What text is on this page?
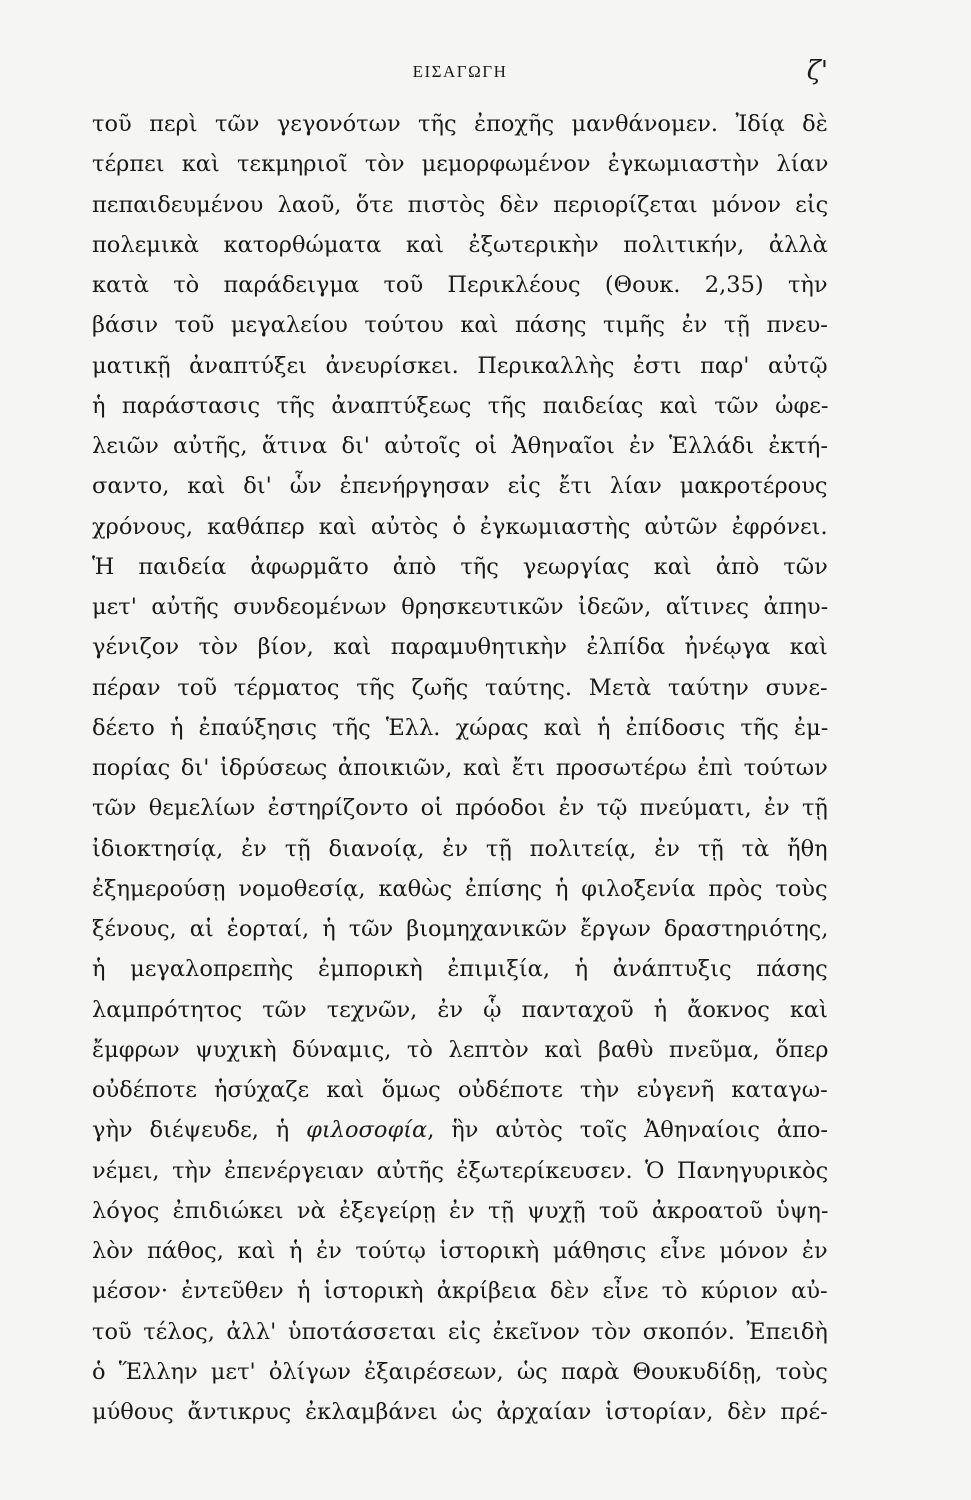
ΕΙΣΑΓΩΓΗ	ζ'
τοῦ περὶ τῶν γεγονότων τῆς ἐποχῆς μανθάνομεν. Ἰδίᾳ δὲ
τέρπει καὶ τεκμηριοῖ τὸν μεμορφωμένον ἐγκωμιαστὴν λίαν
πεπαιδευμένου λαοῦ, ὅτε πιστὸς δὲν περιορίζεται μόνον εἰς
πολεμικὰ κατορθώματα καὶ ἐξωτερικὴν πολιτικήν, ἀλλὰ
κατὰ τὸ παράδειγμα τοῦ Περικλέους (Θουκ. 2,35) τὴν
βάσιν τοῦ μεγαλείου τούτου καὶ πάσης τιμῆς ἐν τῇ πνευ-
ματικῇ ἀναπτύξει ἀνευρίσκει. Περικαλλὴς ἐστι παρ' αὐτῷ
ἡ παράστασις τῆς ἀναπτύξεως τῆς παιδείας καὶ τῶν ὠφε-
λειῶν αὐτῆς, ἅτινα δι' αὐτοῖς οἱ Ἀθηναῖοι ἐν Ἑλλάδι ἐκτή-
σαντο, καὶ δι' ὧν ἐπενήργησαν εἰς ἔτι λίαν μακροτέρους
χρόνους, καθάπερ καὶ αὐτὸς ὁ ἐγκωμιαστὴς αὐτῶν ἐφρόνει.
Ἡ παιδεία ἀφωρμᾶτο ἀπὸ τῆς γεωργίας καὶ ἀπὸ τῶν
μετ' αὐτῆς συνδεομένων θρησκευτικῶν ἰδεῶν, αἵτινες ἀπηυ-
γένιζον τὸν βίον, καὶ παραμυθητικὴν ἐλπίδα ἠνέῳγα καὶ
πέραν τοῦ τέρματος τῆς ζωῆς ταύτης. Μετὰ ταύτην συνε-
δέετο ἡ ἐπαύξησις τῆς Ἑλλ. χώρας καὶ ἡ ἐπίδοσις τῆς ἐμ-
πορίας δι' ἱδρύσεως ἀποικιῶν, καὶ ἔτι προσωτέρω ἐπὶ τούτων
τῶν θεμελίων ἐστηρίζοντο οἱ πρόοδοι ἐν τῷ πνεύματι, ἐν τῇ
ἰδιοκτησίᾳ, ἐν τῇ διανοίᾳ, ἐν τῇ πολιτείᾳ, ἐν τῇ τὰ ἤθη
ἐξημερούσῃ νομοθεσίᾳ, καθὼς ἐπίσης ἡ φιλοξενία πρὸς τοὺς
ξένους, αἱ ἑορταί, ἡ τῶν βιομηχανικῶν ἔργων δραστηριότης,
ἡ μεγαλοπρεπὴς ἐμπορικὴ ἐπιμιξία, ἡ ἀνάπτυξις πάσης
λαμπρότητος τῶν τεχνῶν, ἐν ᾧ πανταχοῦ ἡ ἄοκνος καὶ
ἔμφρων ψυχικὴ δύναμις, τὸ λεπτὸν καὶ βαθὺ πνεῦμα, ὅπερ
οὐδέποτε ἡσύχαζε καὶ ὅμως οὐδέποτε τὴν εὐγενῆ καταγω-
γὴν διέψευδε, ἡ φιλοσοφία, ἣν αὐτὸς τοῖς Ἀθηναίοις ἀπο-
νέμει, τὴν ἐπενέργειαν αὐτῆς ἐξωτερίκευσεν. Ὁ Πανηγυρικὸς
λόγος ἐπιδιώκει νὰ ἐξεγείρῃ ἐν τῇ ψυχῇ τοῦ ἀκροατοῦ ὑψη-
λὸν πάθος, καὶ ἡ ἐν τούτῳ ἱστορικὴ μάθησις εἶνε μόνον ἐν
μέσον· ἐντεῦθεν ἡ ἱστορικὴ ἀκρίβεια δὲν εἶνε τὸ κύριον αὐ-
τοῦ τέλος, ἀλλ' ὑποτάσσεται εἰς ἐκεῖνον τὸν σκοπόν. Ἐπειδὴ
ὁ Ἕλλην μετ' ὀλίγων ἐξαιρέσεων, ὡς παρὰ Θουκυδίδῃ, τοὺς
μύθους ἄντικρυς ἐκλαμβάνει ὡς ἀρχαίαν ἱστορίαν, δὲν πρέ-
